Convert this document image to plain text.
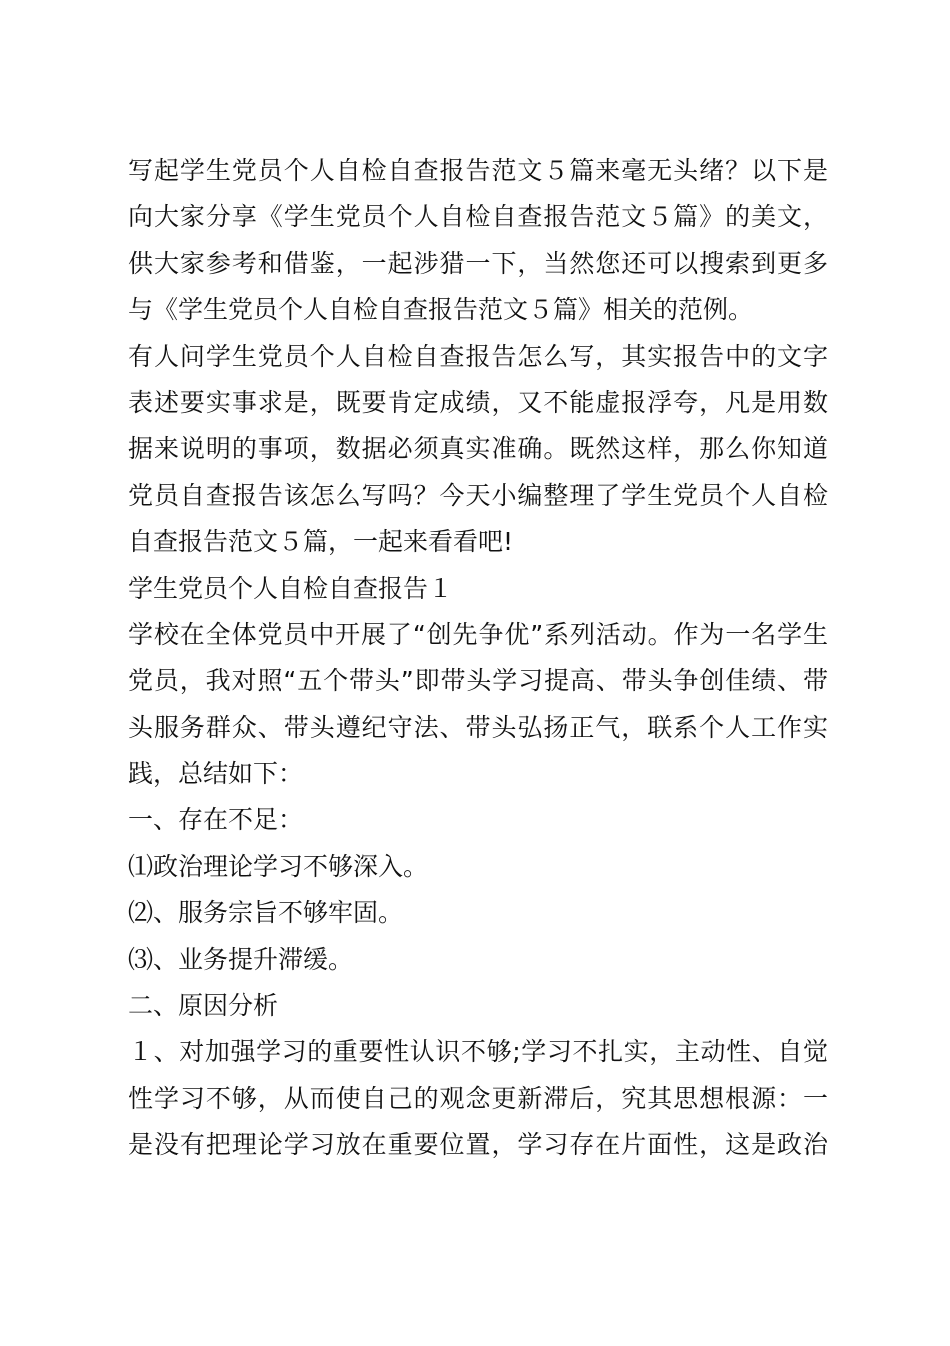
写起学生党员个人自检自查报告范文５篇来毫无头绪？以下是
向大家分享《学生党员个人自检自查报告范文５篇》的美文，
供大家参考和借鉴，一起涉猎一下，当然您还可以搜索到更多
与《学生党员个人自检自查报告范文５篇》相关的范例。
有人问学生党员个人自检自查报告怎么写，其实报告中的文字
表述要实事求是，既要肯定成绩，又不能虚报浮夸，凡是用数
据来说明的事项，数据必须真实准确。既然这样，那么你知道
党员自查报告该怎么写吗？今天小编整理了学生党员个人自检
自查报告范文５篇，一起来看看吧!
学生党员个人自检自查报告１
学校在全体党员中开展了“创先争优”系列活动。作为一名学生
党员，我对照“五个带头”即带头学习提高、带头争创佳绩、带
头服务群众、带头遵纪守法、带头弘扬正气，联系个人工作实
践，总结如下：
一、存在不足：
⑴政治理论学习不够深入。
⑵、服务宗旨不够牢固。
⑶、业务提升滞缓。
二、原因分析
１、对加强学习的重要性认识不够;学习不扎实，主动性、自觉
性学习不够，从而使自己的观念更新滞后，究其思想根源：一
是没有把理论学习放在重要位置，学习存在片面性，这是政治
